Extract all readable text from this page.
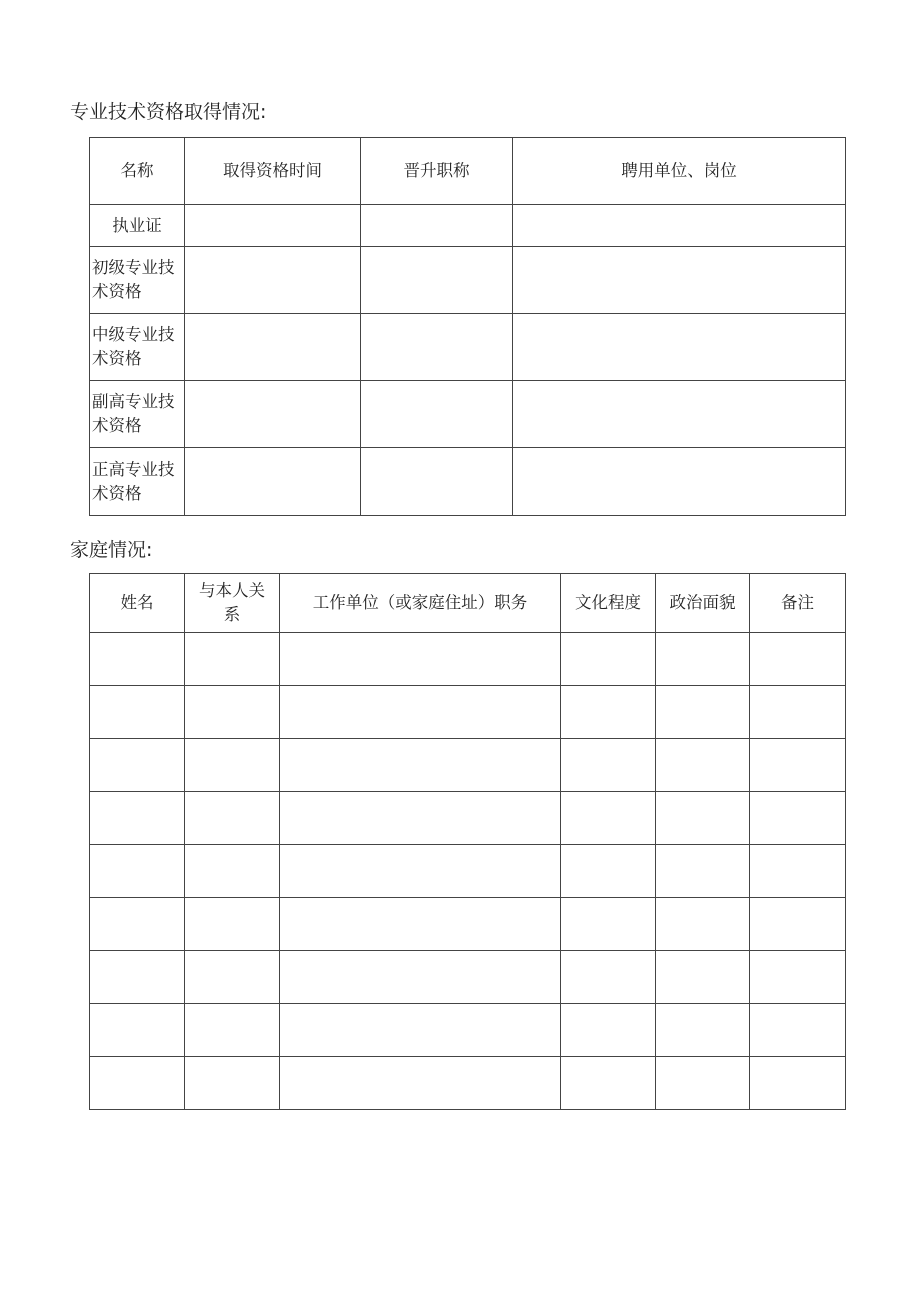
专业技术资格取得情况:
名称	取得资格时间	晋升职称	聘用单位、岗位
执业证			
初级专业技术资格			
中级专业技术资格			
副高专业技术资格			
正高专业技术资格			
家庭情况:
姓名	与本人关系	工作单位（或家庭住址）职务	文化程度	政治面貌	备注
